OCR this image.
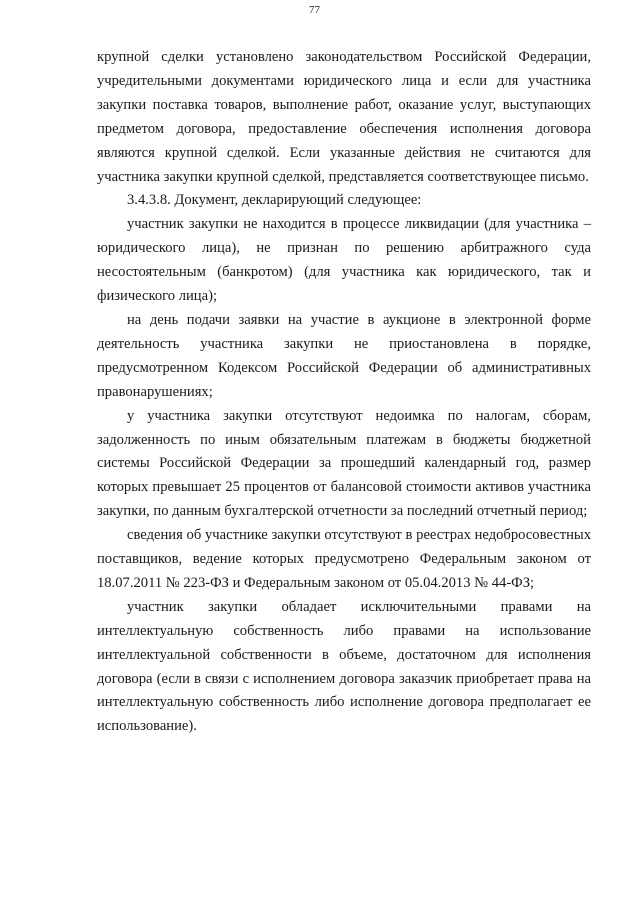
77

крупной сделки установлено законодательством Российской Федерации, учредительными документами юридического лица и если для участника закупки поставка товаров, выполнение работ, оказание услуг, выступающих предметом договора, предоставление обеспечения исполнения договора являются крупной сделкой. Если указанные действия не считаются для участника закупки крупной сделкой, представляется соответствующее письмо.

3.4.3.8. Документ, декларирующий следующее:

участник закупки не находится в процессе ликвидации (для участника – юридического лица), не признан по решению арбитражного суда несостоятельным (банкротом) (для участника как юридического, так и физического лица);

на день подачи заявки на участие в аукционе в электронной форме деятельность участника закупки не приостановлена в порядке, предусмотренном Кодексом Российской Федерации об административных правонарушениях;

у участника закупки отсутствуют недоимка по налогам, сборам, задолженность по иным обязательным платежам в бюджеты бюджетной системы Российской Федерации за прошедший календарный год, размер которых превышает 25 процентов от балансовой стоимости активов участника закупки, по данным бухгалтерской отчетности за последний отчетный период;

сведения об участнике закупки отсутствуют в реестрах недобросовестных поставщиков, ведение которых предусмотрено Федеральным законом от 18.07.2011 № 223-ФЗ и Федеральным законом от 05.04.2013 № 44-ФЗ;

участник закупки обладает исключительными правами на интеллектуальную собственность либо правами на использование интеллектуальной собственности в объеме, достаточном для исполнения договора (если в связи с исполнением договора заказчик приобретает права на интеллектуальную собственность либо исполнение договора предполагает ее использование).
